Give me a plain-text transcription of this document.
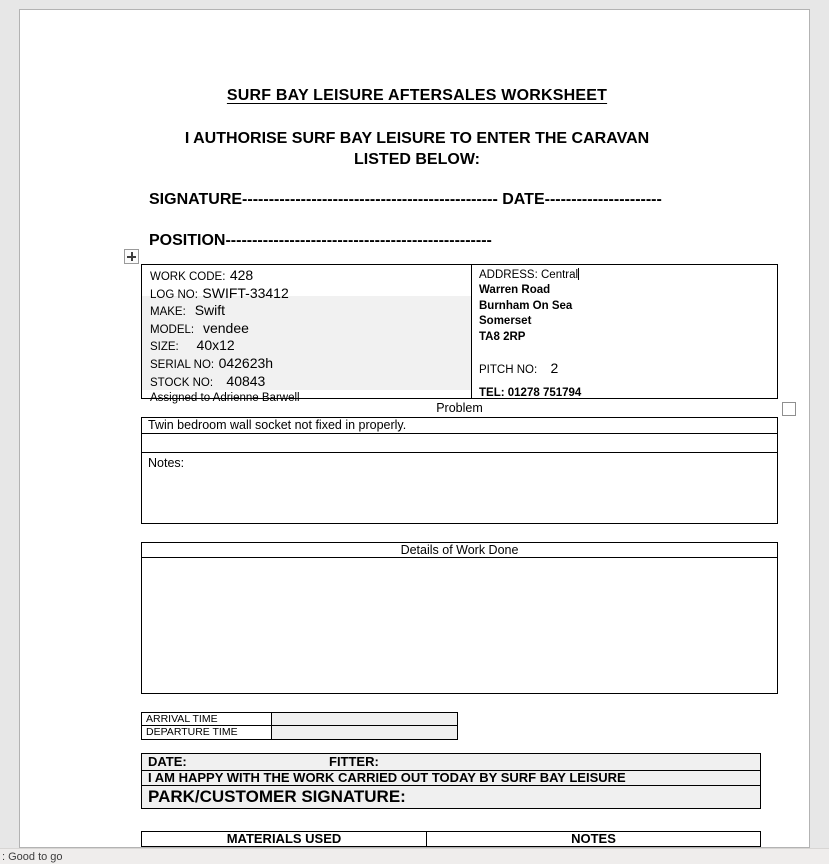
SURF BAY LEISURE AFTERSALES WORKSHEET
I AUTHORISE SURF BAY LEISURE TO ENTER THE CARAVAN
LISTED BELOW:
SIGNATURE------------------------------------------------ DATE----------------------
POSITION--------------------------------------------------
WORK CODE: 428
LOG NO: SWIFT-33412
MAKE: Swift
MODEL: vendee
SIZE: 40x12
SERIAL NO: 042623h
STOCK NO: 40843
Assigned to Adrienne Barwell
ADDRESS: Central
Warren Road
Burnham On Sea
Somerset
TA8 2RP
PITCH NO: 2
TEL: 01278 751794
Problem
Twin bedroom wall socket not fixed in properly.
Notes:
Details of Work Done
ARRIVAL TIME
DEPARTURE TIME
DATE:	FITTER:
I AM HAPPY WITH THE WORK CARRIED OUT TODAY BY SURF BAY LEISURE
PARK/CUSTOMER SIGNATURE:
MATERIALS USED	NOTES
: Good to go
